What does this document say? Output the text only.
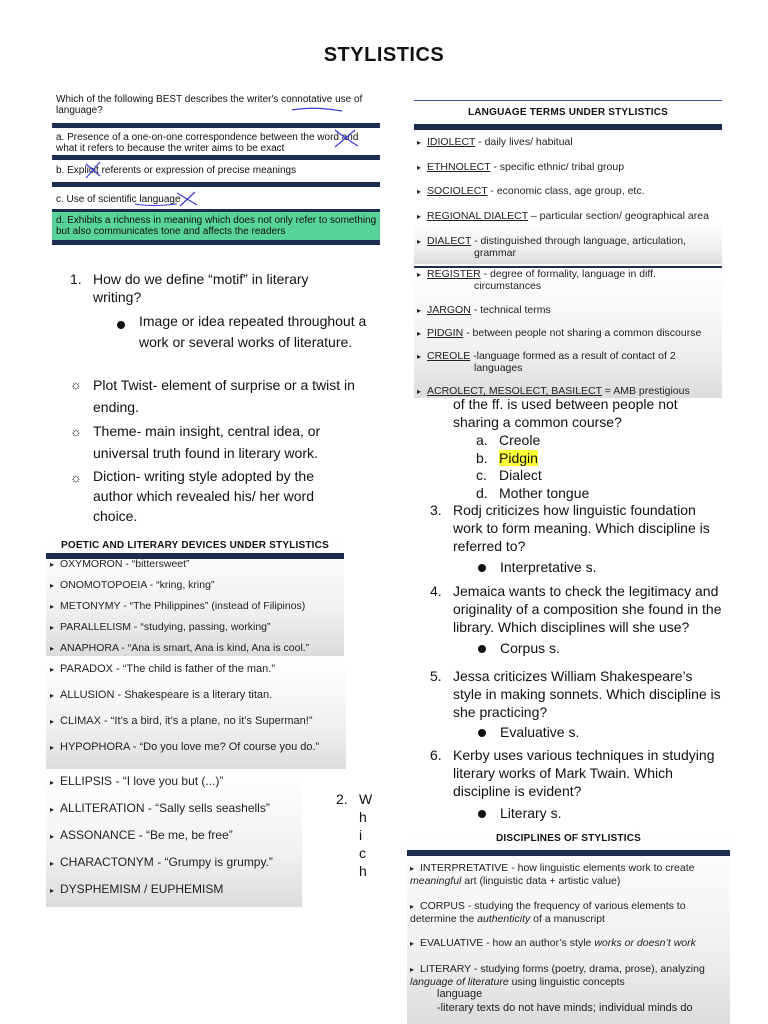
STYLISTICS
Which of the following BEST describes the writer's connotative use of language?
a. Presence of a one-on-one correspondence between the word and what it refers to because the writer aims to be exact
b. Explicit referents or expression of precise meanings
c. Use of scientific language
d. Exhibits a richness in meaning which does not only refer to something but also communicates tone and affects the readers
1. How do we define “motif” in literary writing?
Image or idea repeated throughout a work or several works of literature.
☼ Plot Twist- element of surprise or a twist in ending.
☼ Theme- main insight, central idea, or universal truth found in literary work.
☼ Diction- writing style adopted by the author which revealed his/ her word choice.
POETIC AND LITERARY DEVICES UNDER STYLISTICS
▸ OXYMORON - “bittersweet”
▸ ONOMOTOPOEIA - “kring, kring”
▸ METONYMY - “The Philippines” (instead of Filipinos)
▸ PARALLELISM - “studying, passing, working”
▸ ANAPHORA - “Ana is smart, Ana is kind, Ana is cool.”
▸ PARADOX - “The child is father of the man.”
▸ ALLUSION - Shakespeare is a literary titan.
▸ CLIMAX - “It’s a bird, it’s a plane, no it’s Superman!”
▸ HYPOPHORA - “Do you love me? Of course you do.”
▸ ELLIPSIS - “I love you but (...)”
▸ ALLITERATION - “Sally sells seashells”
▸ ASSONANCE - “Be me, be free”
▸ CHARACTONYM - “Grumpy is grumpy.”
▸ DYSPHEMISM / EUPHEMISM
2. W
h
i
c
h
LANGUAGE TERMS UNDER STYLISTICS
▸ IDIOLECT - daily lives/ habitual
▸ ETHNOLECT - specific ethnic/ tribal group
▸ SOCIOLECT - economic class, age group, etc.
▸ REGIONAL DIALECT – particular section/ geographical area
▸ DIALECT - distinguished through language, articulation,
grammar
▸ REGISTER - degree of formality, language in diff.
circumstances
▸ JARGON - technical terms
▸ PIDGIN - between people not sharing a common discourse
▸ CREOLE -language formed as a result of contact of 2
languages
▸ ACROLECT, MESOLECT, BASILECT = AMB prestigious
of the ff. is used between people not sharing a common course?
a. Creole
b. Pidgin
c. Dialect
d. Mother tongue
3. Rodj criticizes how linguistic foundation work to form meaning. Which discipline is referred to?
Interpretative s.
4. Jemaica wants to check the legitimacy and originality of a composition she found in the library. Which disciplines will she use?
Corpus s.
5. Jessa criticizes William Shakespeare’s style in making sonnets. Which discipline is she practicing?
Evaluative s.
6. Kerby uses various techniques in studying literary works of Mark Twain. Which discipline is evident?
Literary s.
DISCIPLINES OF STYLISTICS
▸ INTERPRETATIVE - how linguistic elements work to create meaningful art (linguistic data + artistic value)
▸ CORPUS - studying the frequency of various elements to determine the authenticity of a manuscript
▸ EVALUATIVE - how an author’s style works or doesn’t work
▸ LITERARY - studying forms (poetry, drama, prose), analyzing language of literature using linguistic concepts
language
-literary texts do not have minds; individual minds do
